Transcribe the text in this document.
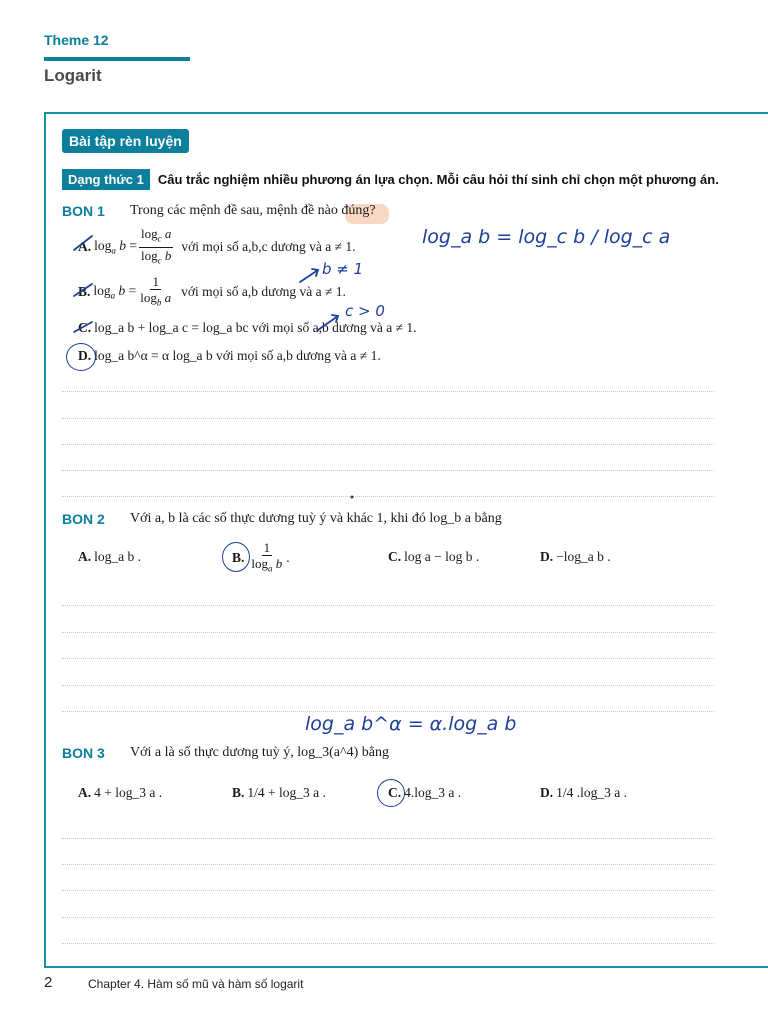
Theme 12
Logarit
Bài tập rèn luyện
Dạng thức 1	Câu trắc nghiệm nhiều phương án lựa chọn. Mỗi câu hỏi thí sinh chỉ chọn một phương án.
BON 1 Trong các mệnh đề sau, mệnh đề nào đúng?
A. $\log_a b = \frac{\log_c a}{\log_c b}$ với mọi số a,b,c dương và a ≠ 1.
B. $\log_a b = \frac{1}{\log_b a}$ với mọi số a,b dương và a ≠ 1.
C. log_a b + log_a c = log_a bc với mọi số a,b dương và a ≠ 1.
D. log_a b^α = α log_a b với mọi số a,b dương và a ≠ 1.
BON 2 Với a, b là các số thực dương tuỳ ý và khác 1, khi đó log_b a bằng
A. log_a b .	B. $\frac{1}{\log_a b}$ .	C. log a − log b .	D. −log_a b .
BON 3 Với a là số thực dương tuỳ ý, log_3(a^4) bằng
A. 4 + log_3 a .	B. 1/4 + log_3 a .	C. 4.log_3 a .	D. 1/4 .log_3 a .
log_a b = log_c b / log_c a
b ≠ 1
c > 0
log_a b^α = α.log_a b
2	Chapter 4. Hàm số mũ và hàm số logarit
